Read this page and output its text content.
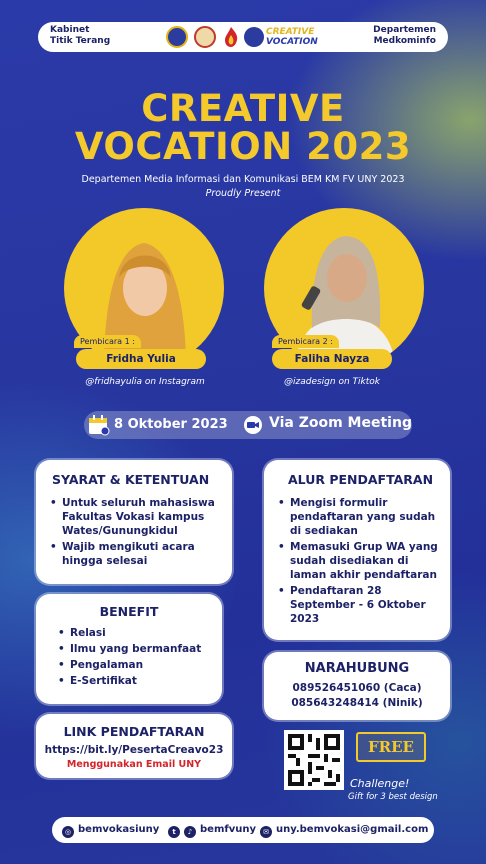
Kabinet
Titik Terang
CREATIVE
VOCATION
Departemen
Medkominfo
CREATIVE
VOCATION 2023
Departemen Media Informasi dan Komunikasi BEM KM FV UNY 2023
Proudly Present
Pembicara 1 :
Fridha Yulia
@fridhayulia on Instagram
Pembicara 2 :
Faliha Nayza
@izadesign on Tiktok
8 Oktober 2023	Via Zoom Meeting
SYARAT & KETENTUAN
• Untuk seluruh mahasiswa Fakultas Vokasi kampus Wates/Gunungkidul
• Wajib mengikuti acara hingga selesai
BENEFIT
• Relasi
• Ilmu yang bermanfaat
• Pengalaman
• E-Sertifikat
LINK PENDAFTARAN
https://bit.ly/PesertaCreavo23
Menggunakan Email UNY
ALUR PENDAFTARAN
• Mengisi formulir pendaftaran yang sudah di sediakan
• Memasuki Grup WA yang sudah disediakan di laman akhir pendaftaran
• Pendaftaran 28 September - 6 Oktober 2023
NARAHUBUNG
089526451060 (Caca)
085643248414 (Ninik)
FREE
Challenge!
Gift for 3 best design
◎ bemvokasiuny	t ♪ bemfvuny	✉ uny.bemvokasi@gmail.com
